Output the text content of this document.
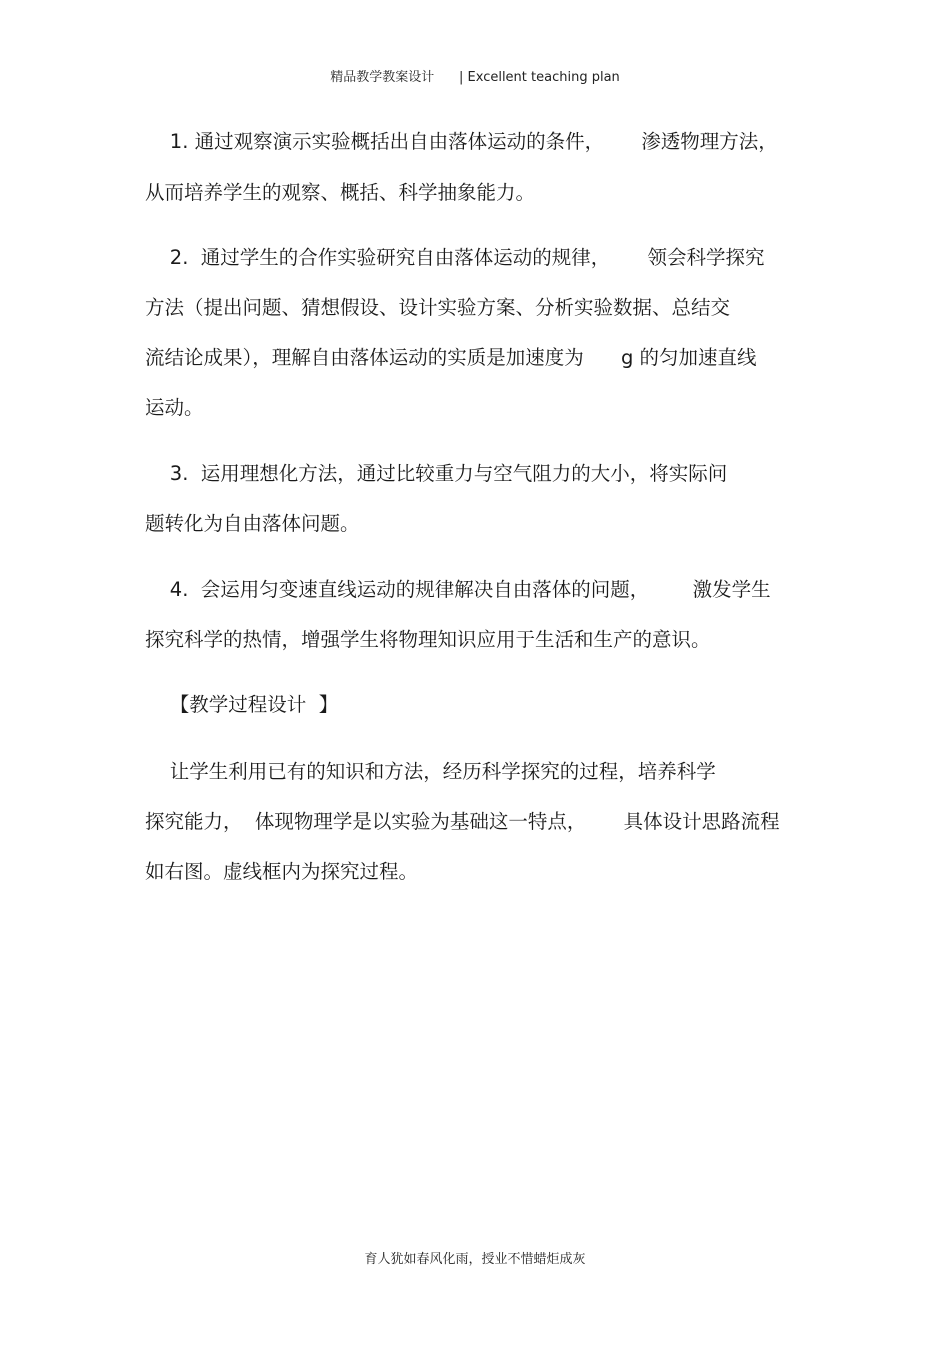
精品教学教案设计      | Excellent teaching plan
1. 通过观察演示实验概括出自由落体运动的条件，      渗透物理方法，
从而培养学生的观察、概括、科学抽象能力。
2.  通过学生的合作实验研究自由落体运动的规律，      领会科学探究
方法（提出问题、猜想假设、设计实验方案、分析实验数据、总结交
流结论成果），理解自由落体运动的实质是加速度为      g 的匀加速直线
运动。
3.  运用理想化方法，通过比较重力与空气阻力的大小，将实际问
题转化为自由落体问题。
4.  会运用匀变速直线运动的规律解决自由落体的问题，       激发学生
探究科学的热情，增强学生将物理知识应用于生活和生产的意识。
【教学过程设计  】
让学生利用已有的知识和方法，经历科学探究的过程，培养科学
探究能力，  体现物理学是以实验为基础这一特点，      具体设计思路流程
如右图。虚线框内为探究过程。
育人犹如春风化雨，授业不惜蜡炬成灰
